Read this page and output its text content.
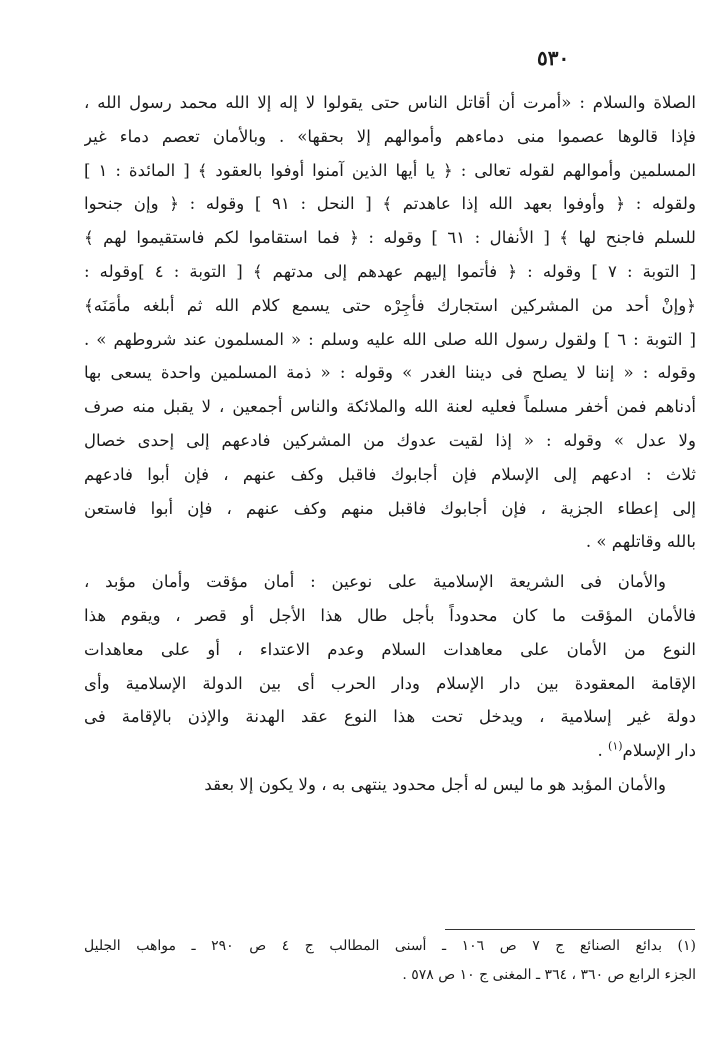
٥٣٠
الصلاة والسلام : «أمرت أن أقاتل الناس حتى يقولوا لا إله إلا الله محمد رسول الله ،
فإذا قالوها عصموا منى دماءهم وأموالهم إلا بحقها» . وبالأمان تعصم دماء غير
المسلمين وأموالهم لقوله تعالى : ﴿ يا أيها الذين آمنوا أوفوا بالعقود ﴾ [ المائدة : ١ ]
ولقوله : ﴿ وأوفوا بعهد الله إذا عاهدتم ﴾ [ النحل : ٩١ ] وقوله : ﴿ وإن جنحوا
للسلم فاجنح لها ﴾ [ الأنفال : ٦١ ] وقوله : ﴿ فما استقاموا لكم فاستقيموا لهم ﴾
[ التوبة : ٧ ] وقوله : ﴿ فأتموا إليهم عهدهم إلى مدتهم ﴾ [ التوبة : ٤ ]وقوله :
﴿وإنْ أحد من المشركين استجارك فأجِرْه حتى يسمع كلام الله ثم أبلغه مأمَنَه﴾
[ التوبة : ٦ ] ولقول رسول الله صلى الله عليه وسلم : « المسلمون عند شروطهم » .
وقوله : « إننا لا يصلح فى ديننا الغدر » وقوله : « ذمة المسلمين واحدة يسعى بها
أدناهم فمن أخفر مسلماً فعليه لعنة الله والملائكة والناس أجمعين ، لا يقبل منه صرف
ولا عدل » وقوله : « إذا لقيت عدوك من المشركين فادعهم إلى إحدى خصال
ثلاث : ادعهم إلى الإسلام فإن أجابوك فاقبل وكف عنهم ، فإن أبوا فادعهم
إلى إعطاء الجزية ، فإن أجابوك فاقبل منهم وكف عنهم ، فإن أبوا فاستعن
بالله وقاتلهم » .
والأمان فى الشريعة الإسلامية على نوعين : أمان مؤقت وأمان مؤبد ،
فالأمان المؤقت ما كان محدوداً بأجل طال هذا الأجل أو قصر ، ويقوم هذا
النوع من الأمان على معاهدات السلام وعدم الاعتداء ، أو على معاهدات
الإقامة المعقودة بين دار الإسلام ودار الحرب أى بين الدولة الإسلامية وأى
دولة غير إسلامية ، ويدخل تحت هذا النوع عقد الهدنة والإذن بالإقامة فى
دار الإسلام$^{(١)}$ .
والأمان المؤبد هو ما ليس له أجل محدود ينتهى به ، ولا يكون إلا بعقد
(١) بدائع الصنائع ج ٧ ص ١٠٦ ـ أسنى المطالب ج ٤ ص ٢٩٠ ـ مواهب الجليل
الجزء الرابع ص ٣٦٠ ، ٣٦٤ ـ المغنى ج ١٠ ص ٥٧٨ .
